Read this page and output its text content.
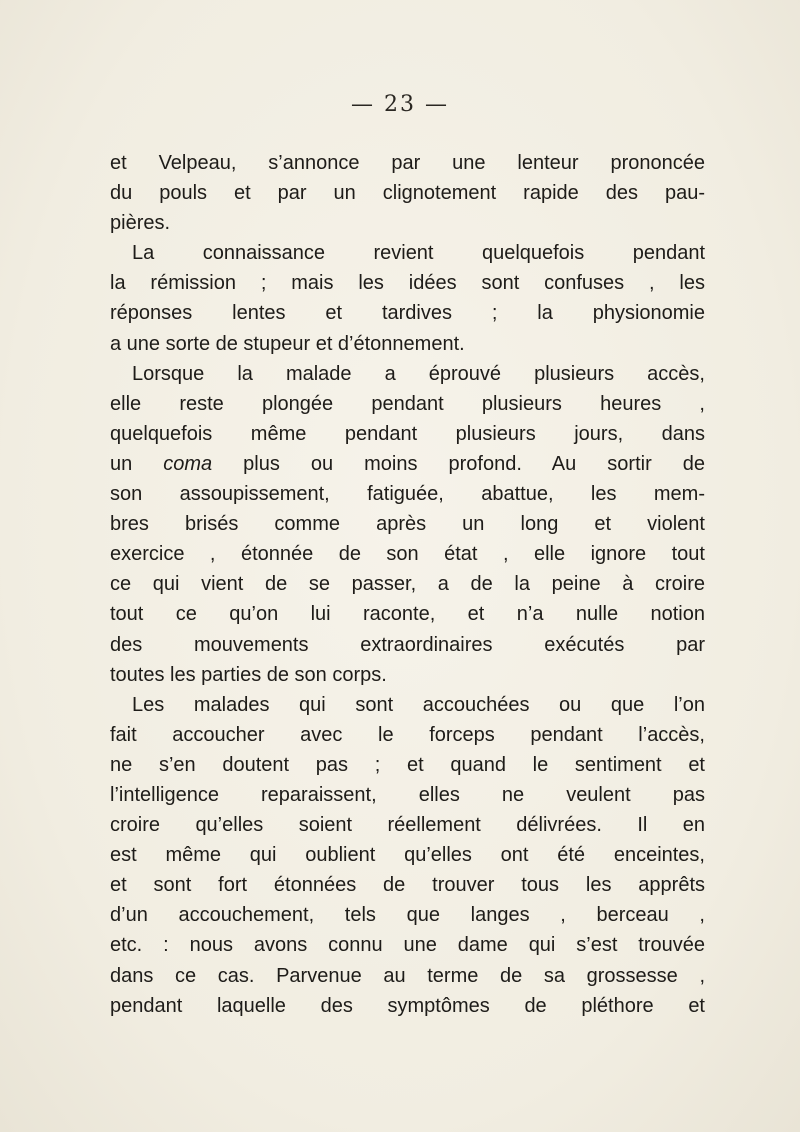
— 23 —
et Velpeau, s’annonce par une lenteur prononcée
du pouls et par un clignotement rapide des pau-
pières.
La connaissance revient quelquefois pendant
la rémission ; mais les idées sont confuses , les
réponses lentes et tardives ; la physionomie
a une sorte de stupeur et d’étonnement.
Lorsque la malade a éprouvé plusieurs accès,
elle reste plongée pendant plusieurs heures ,
quelquefois même pendant plusieurs jours, dans
un coma plus ou moins profond. Au sortir de
son assoupissement, fatiguée, abattue, les mem-
bres brisés comme après un long et violent
exercice , étonnée de son état , elle ignore tout
ce qui vient de se passer, a de la peine à croire
tout ce qu’on lui raconte, et n’a nulle notion
des mouvements extraordinaires exécutés par
toutes les parties de son corps.
Les malades qui sont accouchées ou que l’on
fait accoucher avec le forceps pendant l’accès,
ne s’en doutent pas ; et quand le sentiment et
l’intelligence reparaissent, elles ne veulent pas
croire qu’elles soient réellement délivrées. Il en
est même qui oublient qu’elles ont été enceintes,
et sont fort étonnées de trouver tous les apprêts
d’un accouchement, tels que langes , berceau ,
etc. : nous avons connu une dame qui s’est trouvée
dans ce cas. Parvenue au terme de sa grossesse ,
pendant laquelle des symptômes de pléthore et
